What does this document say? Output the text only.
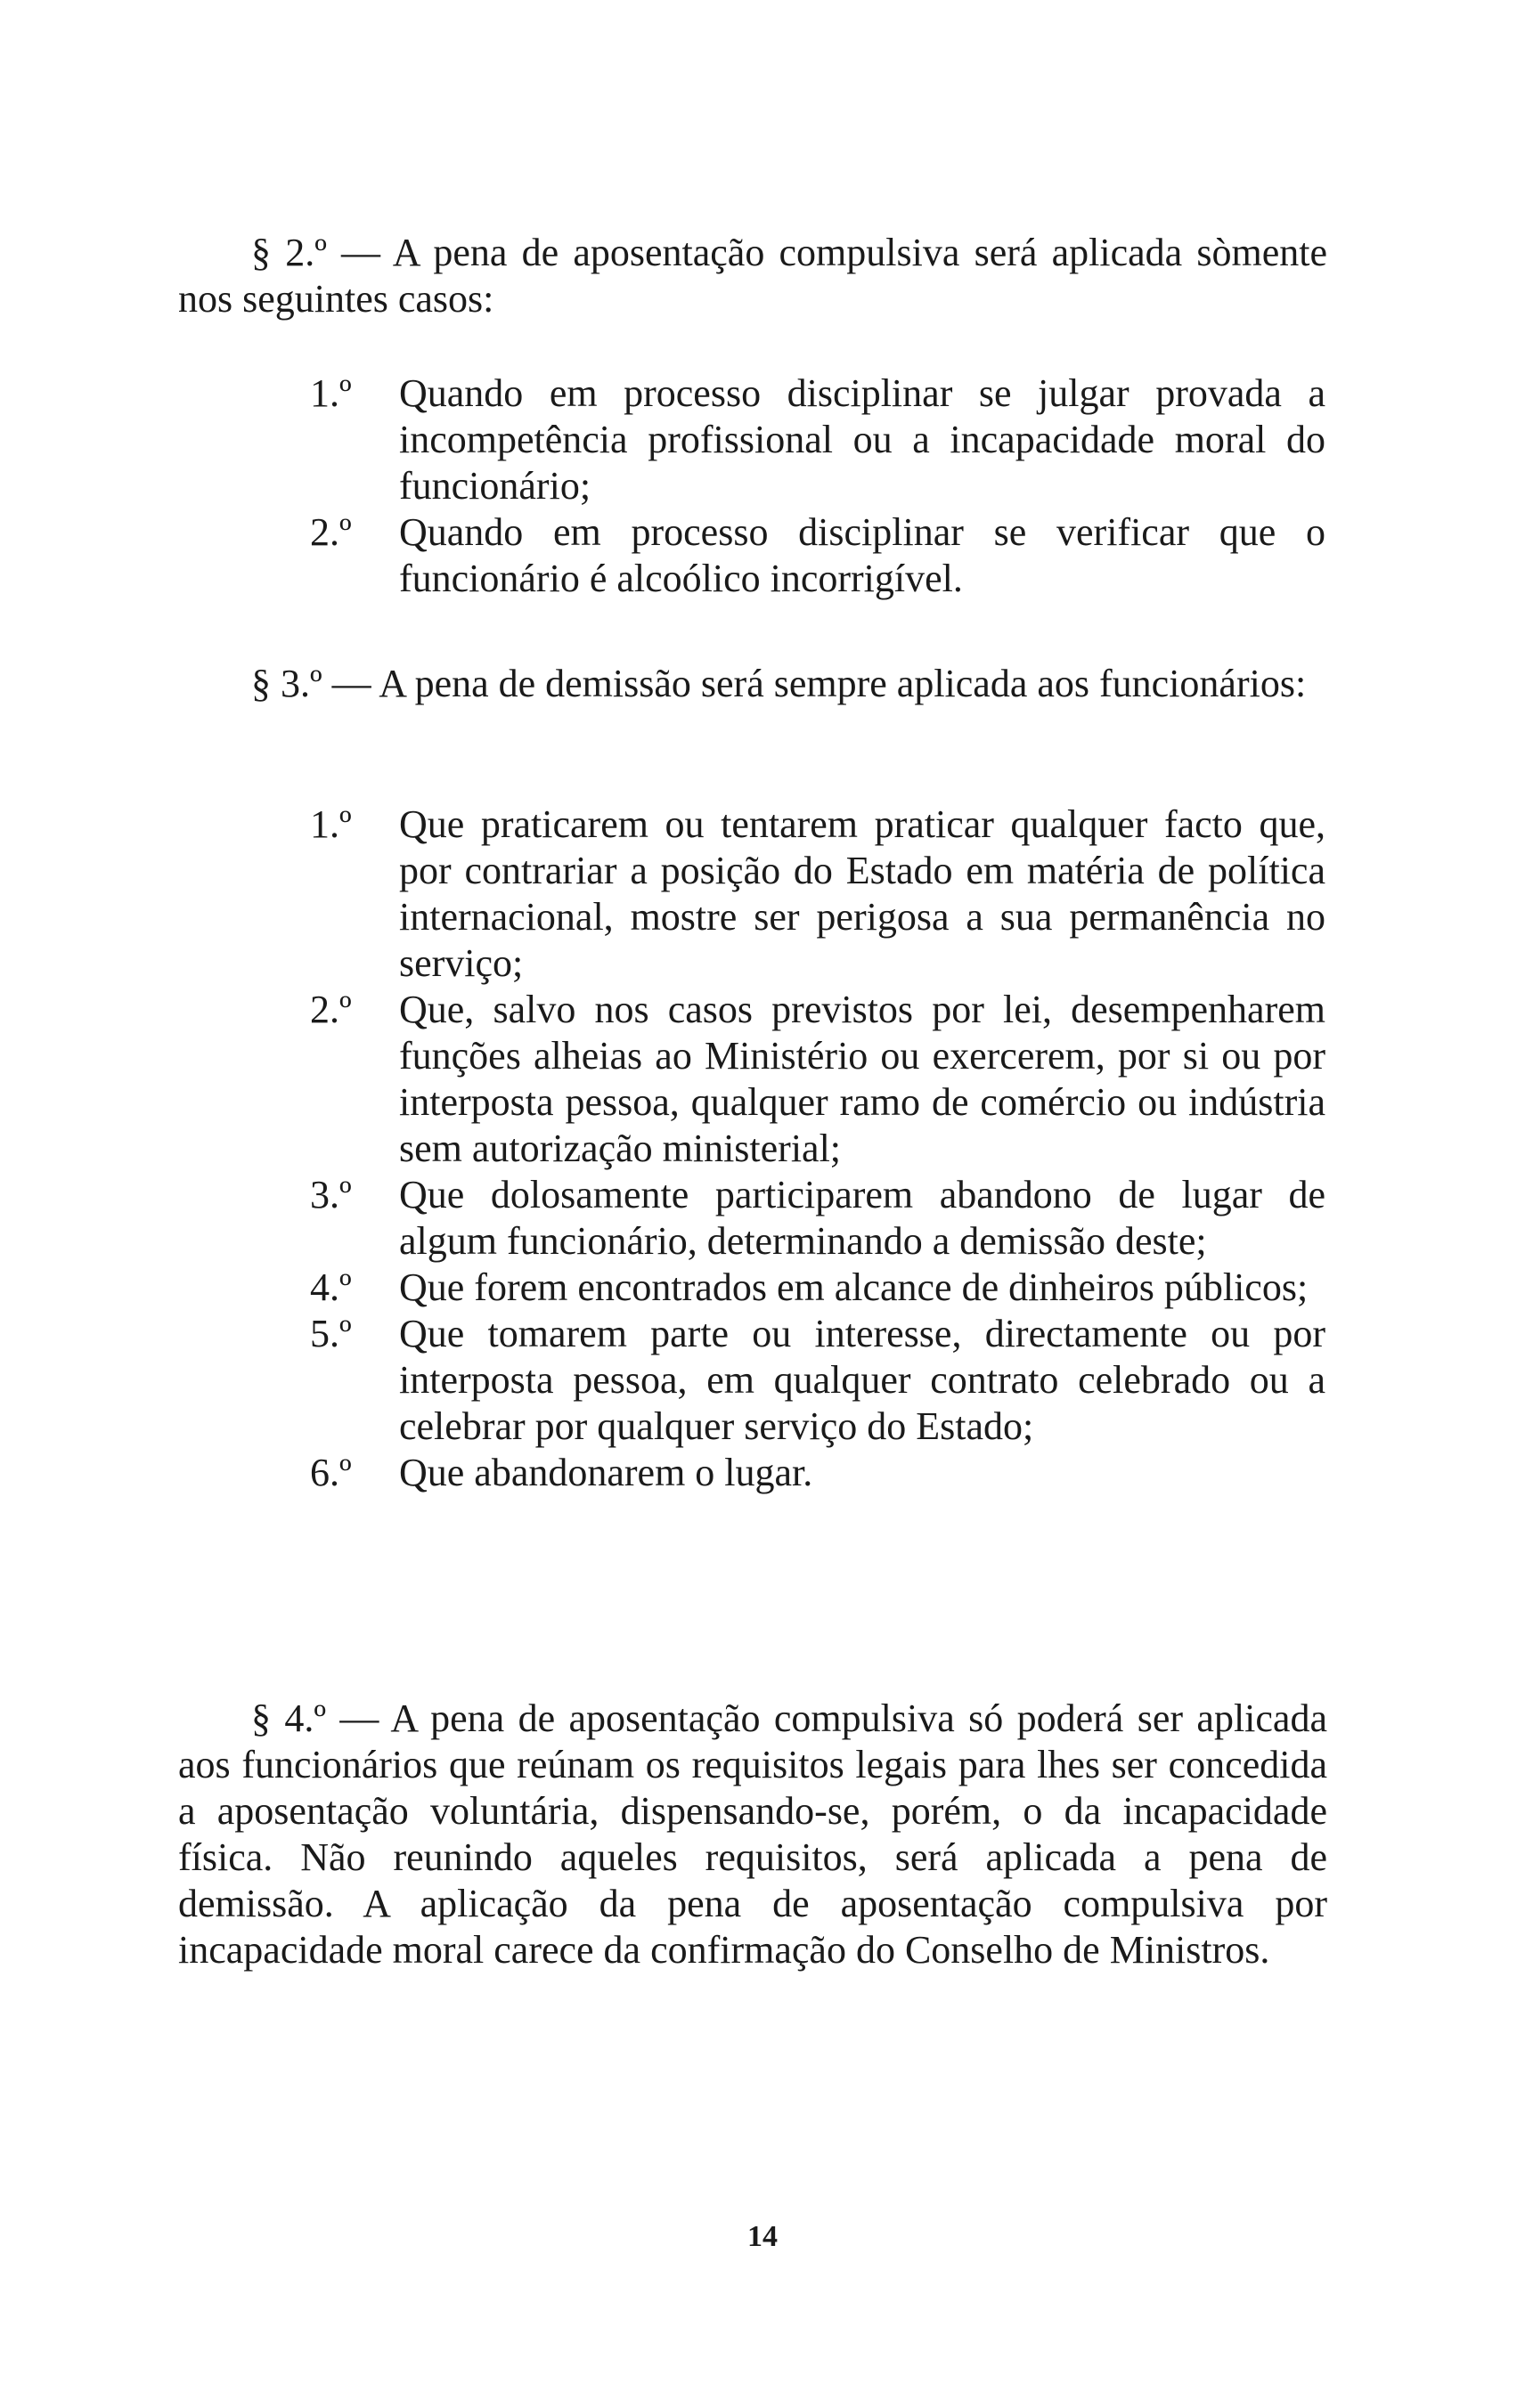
§ 2.º — A pena de aposentação compulsiva será aplicada sòmente nos seguintes casos:

1.º	Quando em processo disciplinar se julgar provada a incompetência profissional ou a incapacidade moral do funcionário;
2.º	Quando em processo disciplinar se verificar que o funcionário é alcoólico incorrigível.

§ 3.º — A pena de demissão será sempre aplicada aos funcionários:

1.º	Que praticarem ou tentarem praticar qualquer facto que, por contrariar a posição do Estado em matéria de política internacional, mostre ser perigosa a sua permanência no serviço;
2.º	Que, salvo nos casos previstos por lei, desempenharem funções alheias ao Ministério ou exercerem, por si ou por interposta pessoa, qualquer ramo de comércio ou indústria sem autorização ministerial;
3.º	Que dolosamente participarem abandono de lugar de algum funcionário, determinando a demissão deste;
4.º	Que forem encontrados em alcance de dinheiros públicos;
5.º	Que tomarem parte ou interesse, directamente ou por interposta pessoa, em qualquer contrato celebrado ou a celebrar por qualquer serviço do Estado;
6.º	Que abandonarem o lugar.

§ 4.º — A pena de aposentação compulsiva só poderá ser aplicada aos funcionários que reúnam os requisitos legais para lhes ser concedida a aposentação voluntária, dispensando-se, porém, o da incapacidade física. Não reunindo aqueles requisitos, será aplicada a pena de demissão. A aplicação da pena de aposentação compulsiva por incapacidade moral carece da confirmação do Conselho de Ministros.

14
